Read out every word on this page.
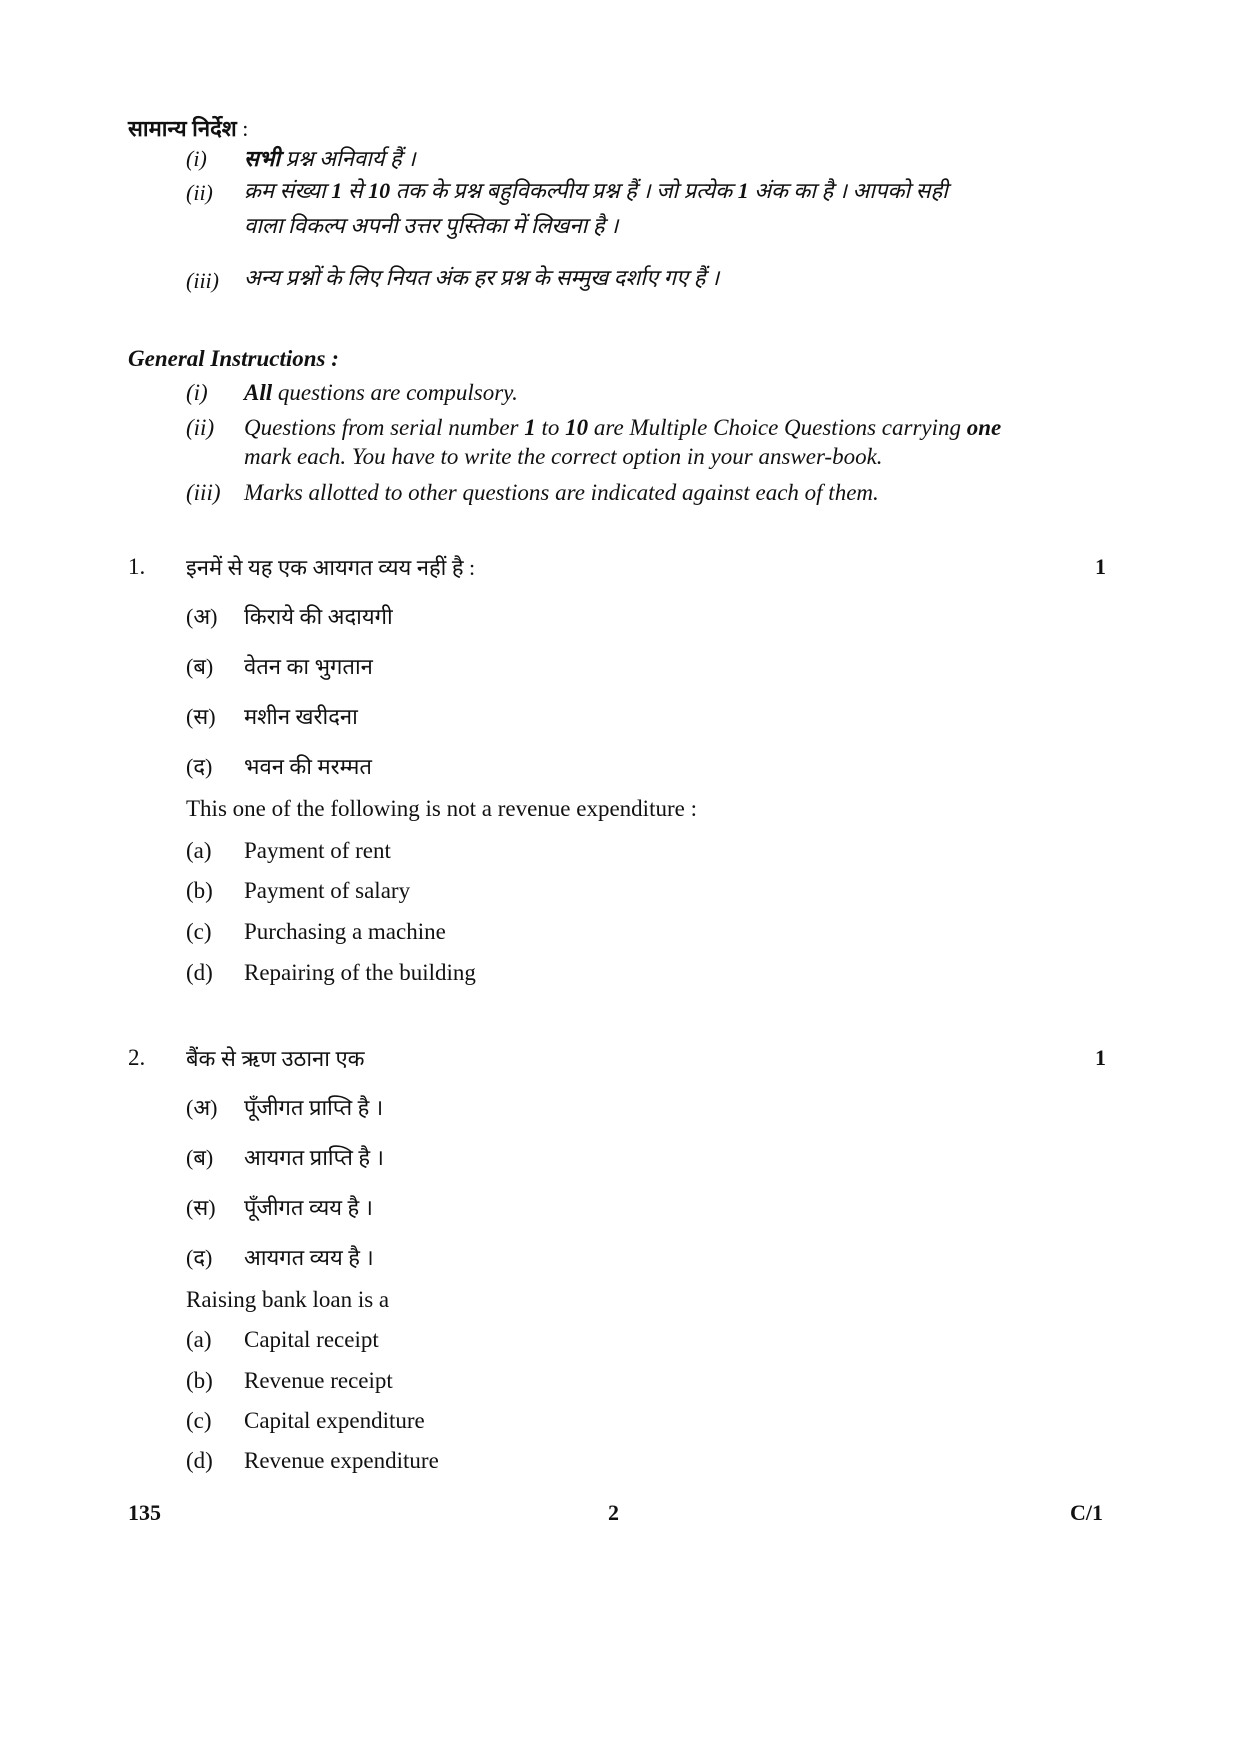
सामान्य निर्देश :
(i) सभी प्रश्न अनिवार्य हैं ।
(ii) क्रम संख्या 1 से 10 तक के प्रश्न बहुविकल्पीय प्रश्न हैं । जो प्रत्येक 1 अंक का है । आपको सही
वाला विकल्प अपनी उत्तर पुस्तिका में लिखना है ।
(iii) अन्य प्रश्नों के लिए नियत अंक हर प्रश्न के सम्मुख दर्शाए गए हैं ।
General Instructions :
(i) All questions are compulsory.
(ii) Questions from serial number 1 to 10 are Multiple Choice Questions carrying one
mark each. You have to write the correct option in your answer-book.
(iii) Marks allotted to other questions are indicated against each of them.
1. इनमें से यह एक आयगत व्यय नहीं है :	1
(अ) किराये की अदायगी
(ब) वेतन का भुगतान
(स) मशीन खरीदना
(द) भवन की मरम्मत
This one of the following is not a revenue expenditure :
(a) Payment of rent
(b) Payment of salary
(c) Purchasing a machine
(d) Repairing of the building
2. बैंक से ऋण उठाना एक	1
(अ) पूँजीगत प्राप्ति है ।
(ब) आयगत प्राप्ति है ।
(स) पूँजीगत व्यय है ।
(द) आयगत व्यय है ।
Raising bank loan is a
(a) Capital receipt
(b) Revenue receipt
(c) Capital expenditure
(d) Revenue expenditure
135	2	C/1
